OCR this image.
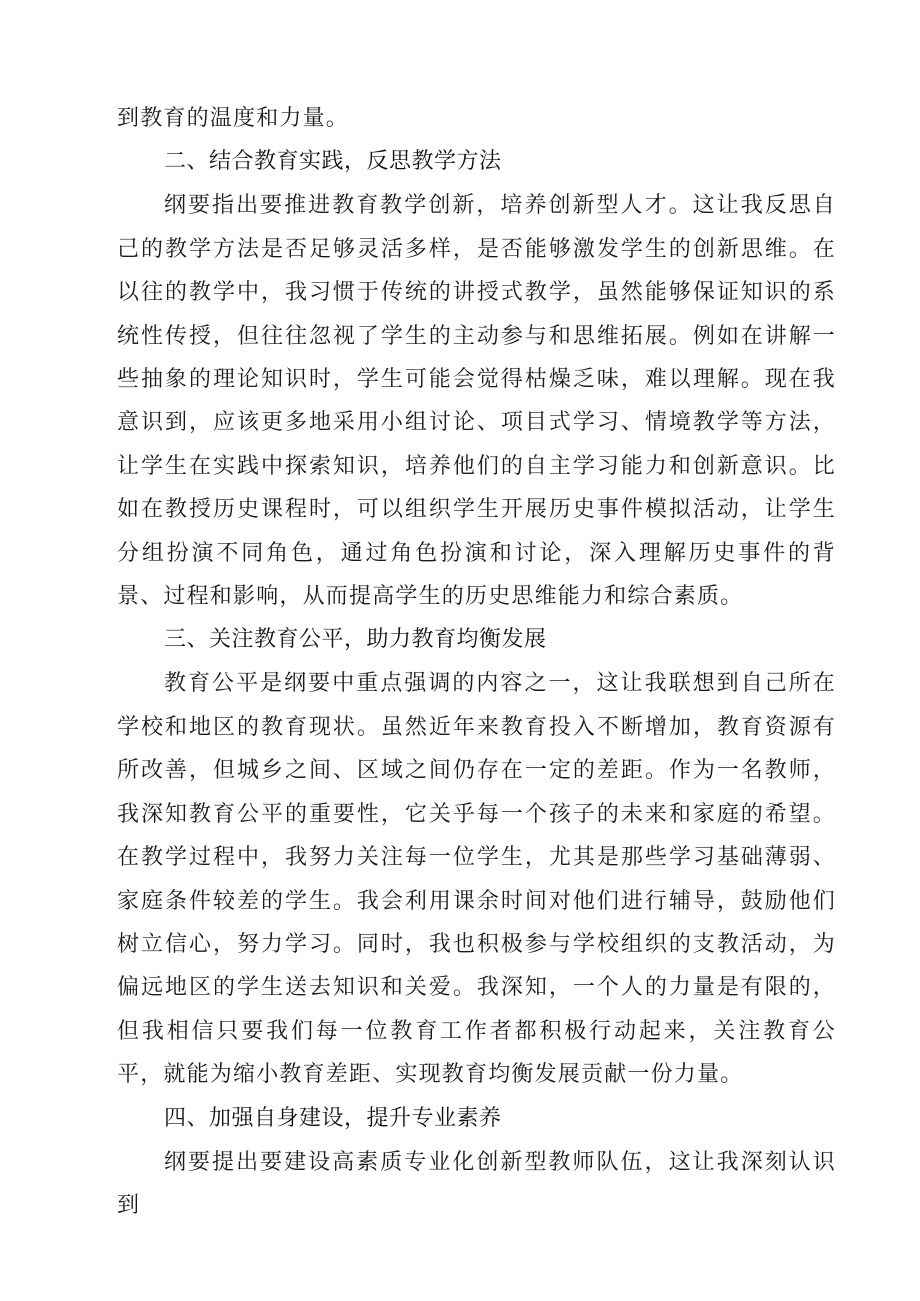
到教育的温度和力量。

二、结合教育实践，反思教学方法

纲要指出要推进教育教学创新，培养创新型人才。这让我反思自己的教学方法是否足够灵活多样，是否能够激发学生的创新思维。在以往的教学中，我习惯于传统的讲授式教学，虽然能够保证知识的系统性传授，但往往忽视了学生的主动参与和思维拓展。例如在讲解一些抽象的理论知识时，学生可能会觉得枯燥乏味，难以理解。现在我意识到，应该更多地采用小组讨论、项目式学习、情境教学等方法，让学生在实践中探索知识，培养他们的自主学习能力和创新意识。比如在教授历史课程时，可以组织学生开展历史事件模拟活动，让学生分组扮演不同角色，通过角色扮演和讨论，深入理解历史事件的背景、过程和影响，从而提高学生的历史思维能力和综合素质。

三、关注教育公平，助力教育均衡发展

教育公平是纲要中重点强调的内容之一，这让我联想到自己所在学校和地区的教育现状。虽然近年来教育投入不断增加，教育资源有所改善，但城乡之间、区域之间仍存在一定的差距。作为一名教师，我深知教育公平的重要性，它关乎每一个孩子的未来和家庭的希望。在教学过程中，我努力关注每一位学生，尤其是那些学习基础薄弱、家庭条件较差的学生。我会利用课余时间对他们进行辅导，鼓励他们树立信心，努力学习。同时，我也积极参与学校组织的支教活动，为偏远地区的学生送去知识和关爱。我深知，一个人的力量是有限的，但我相信只要我们每一位教育工作者都积极行动起来，关注教育公平，就能为缩小教育差距、实现教育均衡发展贡献一份力量。

四、加强自身建设，提升专业素养

纲要提出要建设高素质专业化创新型教师队伍，这让我深刻认识到
